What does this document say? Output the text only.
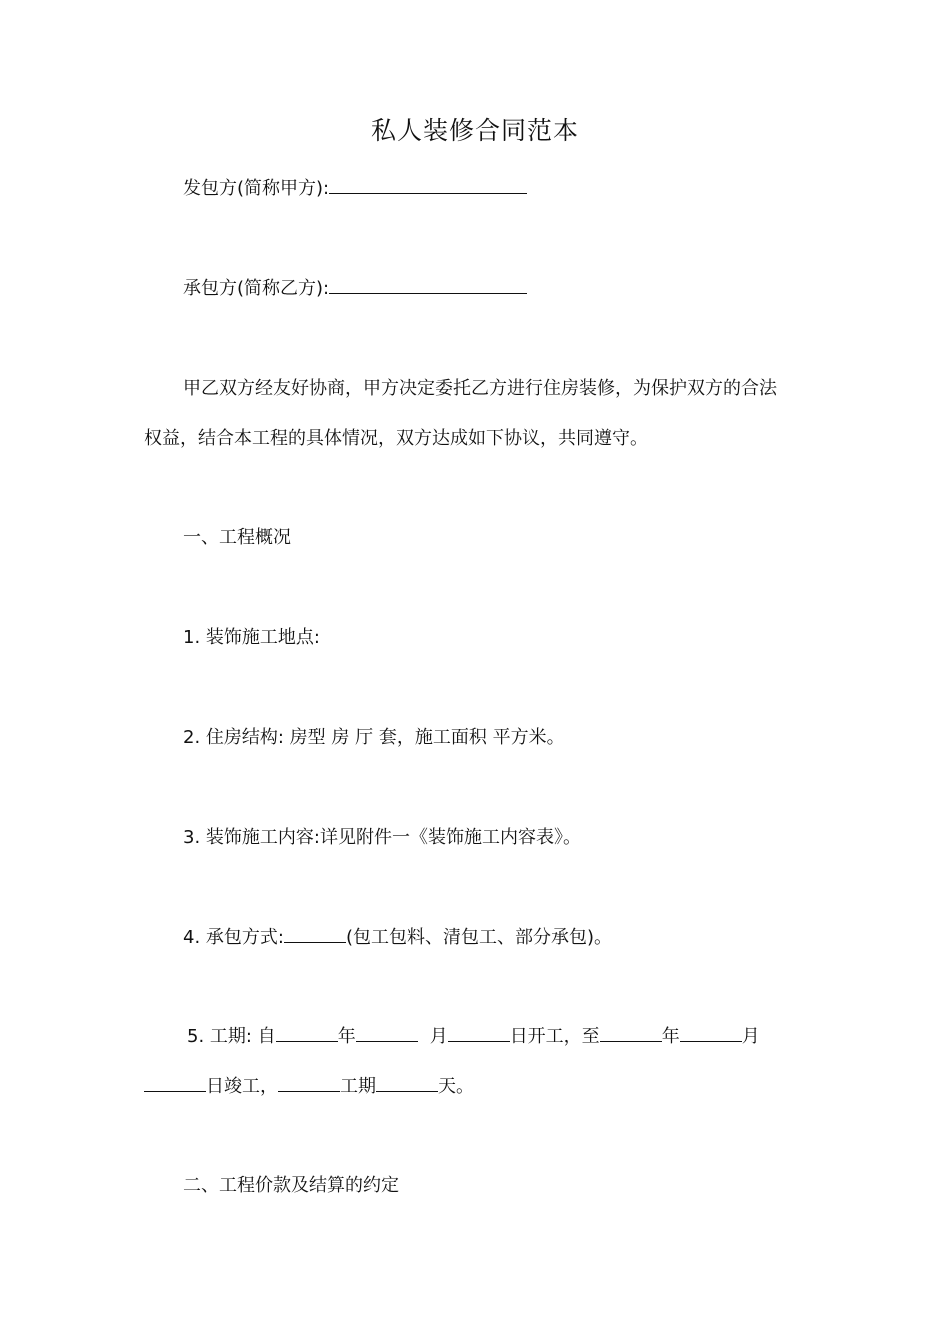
私人装修合同范本
发包方(简称甲方):
承包方(简称乙方):
甲乙双方经友好协商，甲方决定委托乙方进行住房装修，为保护双方的合法
权益，结合本工程的具体情况，双方达成如下协议，共同遵守。
一、工程概况
1. 装饰施工地点:
2. 住房结构: 房型 房 厅 套，施工面积 平方米。
3. 装饰施工内容:详见附件一《装饰施工内容表》。
4. 承包方式:	(包工包料、清包工、部分承包)。
5. 工期: 自	年	月	日开工，至	年	月
日竣工，	工期	天。
二、工程价款及结算的约定
